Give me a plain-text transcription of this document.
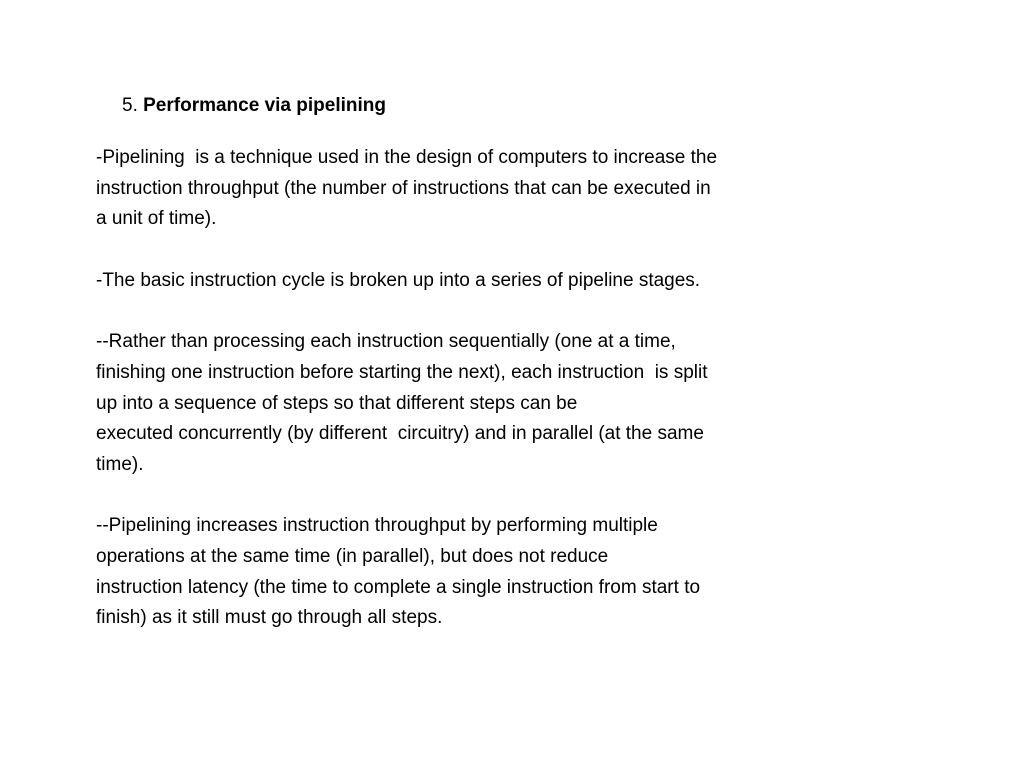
5. Performance via pipelining
-Pipelining  is a technique used in the design of computers to increase the
instruction throughput (the number of instructions that can be executed in
a unit of time).
-The basic instruction cycle is broken up into a series of pipeline stages.
--Rather than processing each instruction sequentially (one at a time,
finishing one instruction before starting the next), each instruction  is split
up into a sequence of steps so that different steps can be
executed concurrently (by different  circuitry) and in parallel (at the same
time).
--Pipelining increases instruction throughput by performing multiple
operations at the same time (in parallel), but does not reduce
instruction latency (the time to complete a single instruction from start to
finish) as it still must go through all steps.
